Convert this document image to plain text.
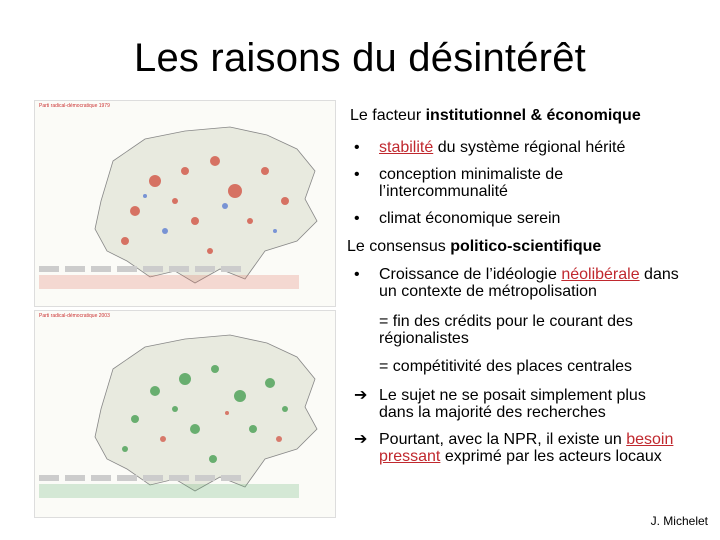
Les raisons du désintérêt
Parti radical-démocratique 1979
Parti radical-démocratique 2003
Le facteur institutionnel & économique
• stabilité du système régional hérité
• conception minimaliste de l’intercommunalité
• climat économique serein
Le consensus politico-scientifique
• Croissance de l’idéologie néolibérale dans un contexte de métropolisation
= fin des crédits pour le courant des régionalistes
= compétitivité des places centrales
➔ Le sujet ne se posait simplement plus dans la majorité des recherches
➔ Pourtant, avec la NPR, il existe un besoin pressant exprimé par les acteurs locaux
J. Michelet
